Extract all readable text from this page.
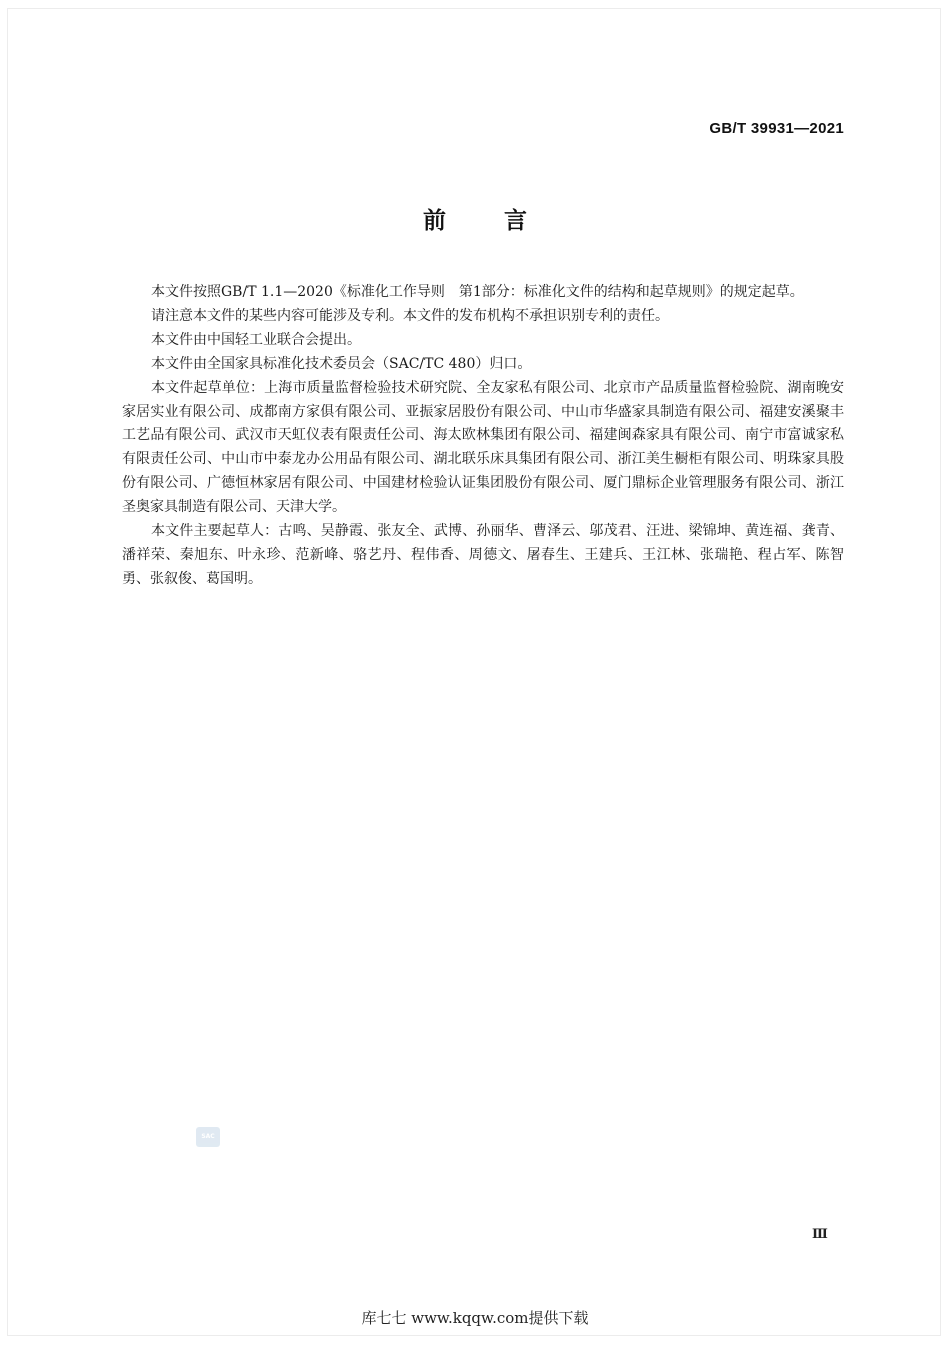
GB/T 39931—2021
前言

本文件按照GB/T 1.1—2020《标准化工作导则　第1部分：标准化文件的结构和起草规则》的规定起草。

请注意本文件的某些内容可能涉及专利。本文件的发布机构不承担识别专利的责任。

本文件由中国轻工业联合会提出。

本文件由全国家具标准化技术委员会（SAC/TC 480）归口。

本文件起草单位：上海市质量监督检验技术研究院、全友家私有限公司、北京市产品质量监督检验院、湖南晚安家居实业有限公司、成都南方家俱有限公司、亚振家居股份有限公司、中山市华盛家具制造有限公司、福建安溪聚丰工艺品有限公司、武汉市天虹仪表有限责任公司、海太欧林集团有限公司、福建闽森家具有限公司、南宁市富诚家私有限责任公司、中山市中泰龙办公用品有限公司、湖北联乐床具集团有限公司、浙江美生橱柜有限公司、明珠家具股份有限公司、广德恒林家居有限公司、中国建材检验认证集团股份有限公司、厦门鼎标企业管理服务有限公司、浙江圣奥家具制造有限公司、天津大学。

本文件主要起草人：古鸣、吴静霞、张友全、武博、孙丽华、曹泽云、邬茂君、汪进、梁锦坤、黄连福、龚青、潘祥荣、秦旭东、叶永珍、范新峰、骆艺丹、程伟香、周德文、屠春生、王建兵、王江林、张瑞艳、程占军、陈智勇、张叙俊、葛国明。

SAC
Ⅲ
库七七 www.kqqw.com提供下载
